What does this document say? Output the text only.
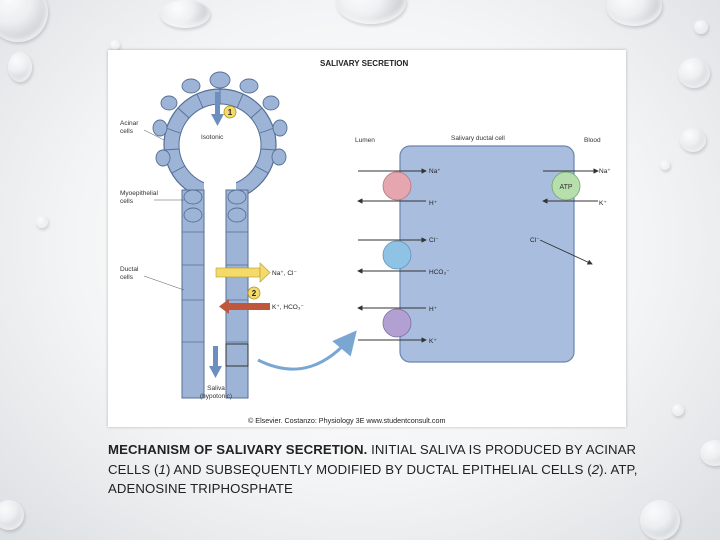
SALIVARY SECRETION
1
2
Na⁺, Cl⁻
K⁺, HCO₃⁻
Acinar cells
Myoepithelial cells
Ductal cells
Isotonic
Saliva (hypotonic)
Lumen	Salivary ductal cell	Blood
ATP
Na⁺
H⁺
Cl⁻
HCO₃⁻
H⁺
K⁺
Na⁺
K⁺
Cl⁻
© Elsevier. Costanzo: Physiology 3E www.studentconsult.com
MECHANISM OF SALIVARY SECRETION. INITIAL SALIVA IS PRODUCED BY ACINAR CELLS (1) AND SUBSEQUENTLY MODIFIED BY DUCTAL EPITHELIAL CELLS (2). ATP, ADENOSINE TRIPHOSPHATE
